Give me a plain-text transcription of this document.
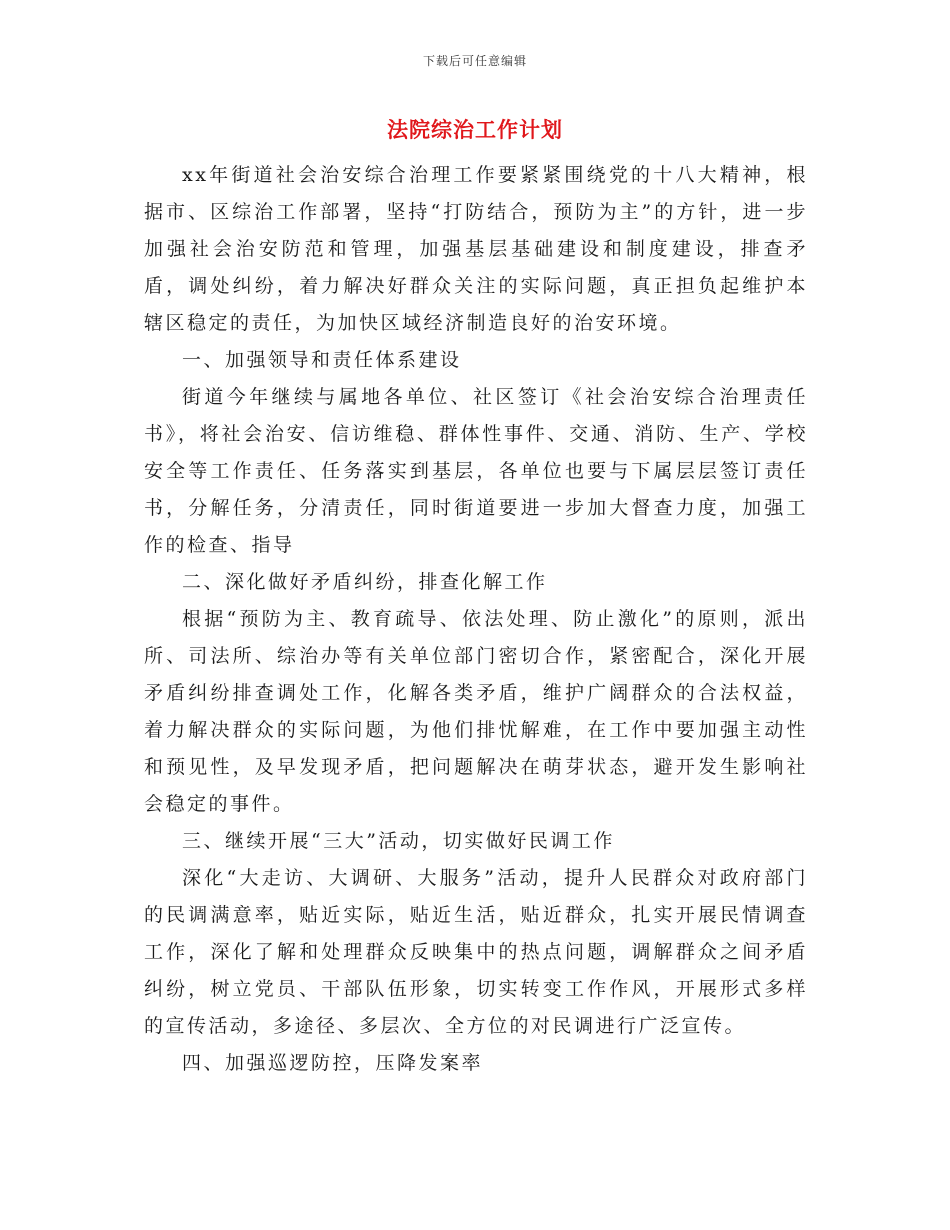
下载后可任意编辑
法院综治工作计划

xx年街道社会治安综合治理工作要紧紧围绕党的十八大精神，根据市、区综治工作部署，坚持“打防结合，预防为主”的方针，进一步加强社会治安防范和管理，加强基层基础建设和制度建设，排查矛盾，调处纠纷，着力解决好群众关注的实际问题，真正担负起维护本辖区稳定的责任，为加快区域经济制造良好的治安环境。

一、加强领导和责任体系建设

街道今年继续与属地各单位、社区签订《社会治安综合治理责任书》，将社会治安、信访维稳、群体性事件、交通、消防、生产、学校安全等工作责任、任务落实到基层，各单位也要与下属层层签订责任书，分解任务，分清责任，同时街道要进一步加大督查力度，加强工作的检查、指导

二、深化做好矛盾纠纷，排查化解工作

根据“预防为主、教育疏导、依法处理、防止激化”的原则，派出所、司法所、综治办等有关单位部门密切合作，紧密配合，深化开展矛盾纠纷排查调处工作，化解各类矛盾，维护广阔群众的合法权益，着力解决群众的实际问题，为他们排忧解难，在工作中要加强主动性和预见性，及早发现矛盾，把问题解决在萌芽状态，避开发生影响社会稳定的事件。

三、继续开展“三大”活动，切实做好民调工作

深化“大走访、大调研、大服务”活动，提升人民群众对政府部门的民调满意率，贴近实际，贴近生活，贴近群众，扎实开展民情调查工作，深化了解和处理群众反映集中的热点问题，调解群众之间矛盾纠纷，树立党员、干部队伍形象，切实转变工作作风，开展形式多样的宣传活动，多途径、多层次、全方位的对民调进行广泛宣传。

四、加强巡逻防控，压降发案率
